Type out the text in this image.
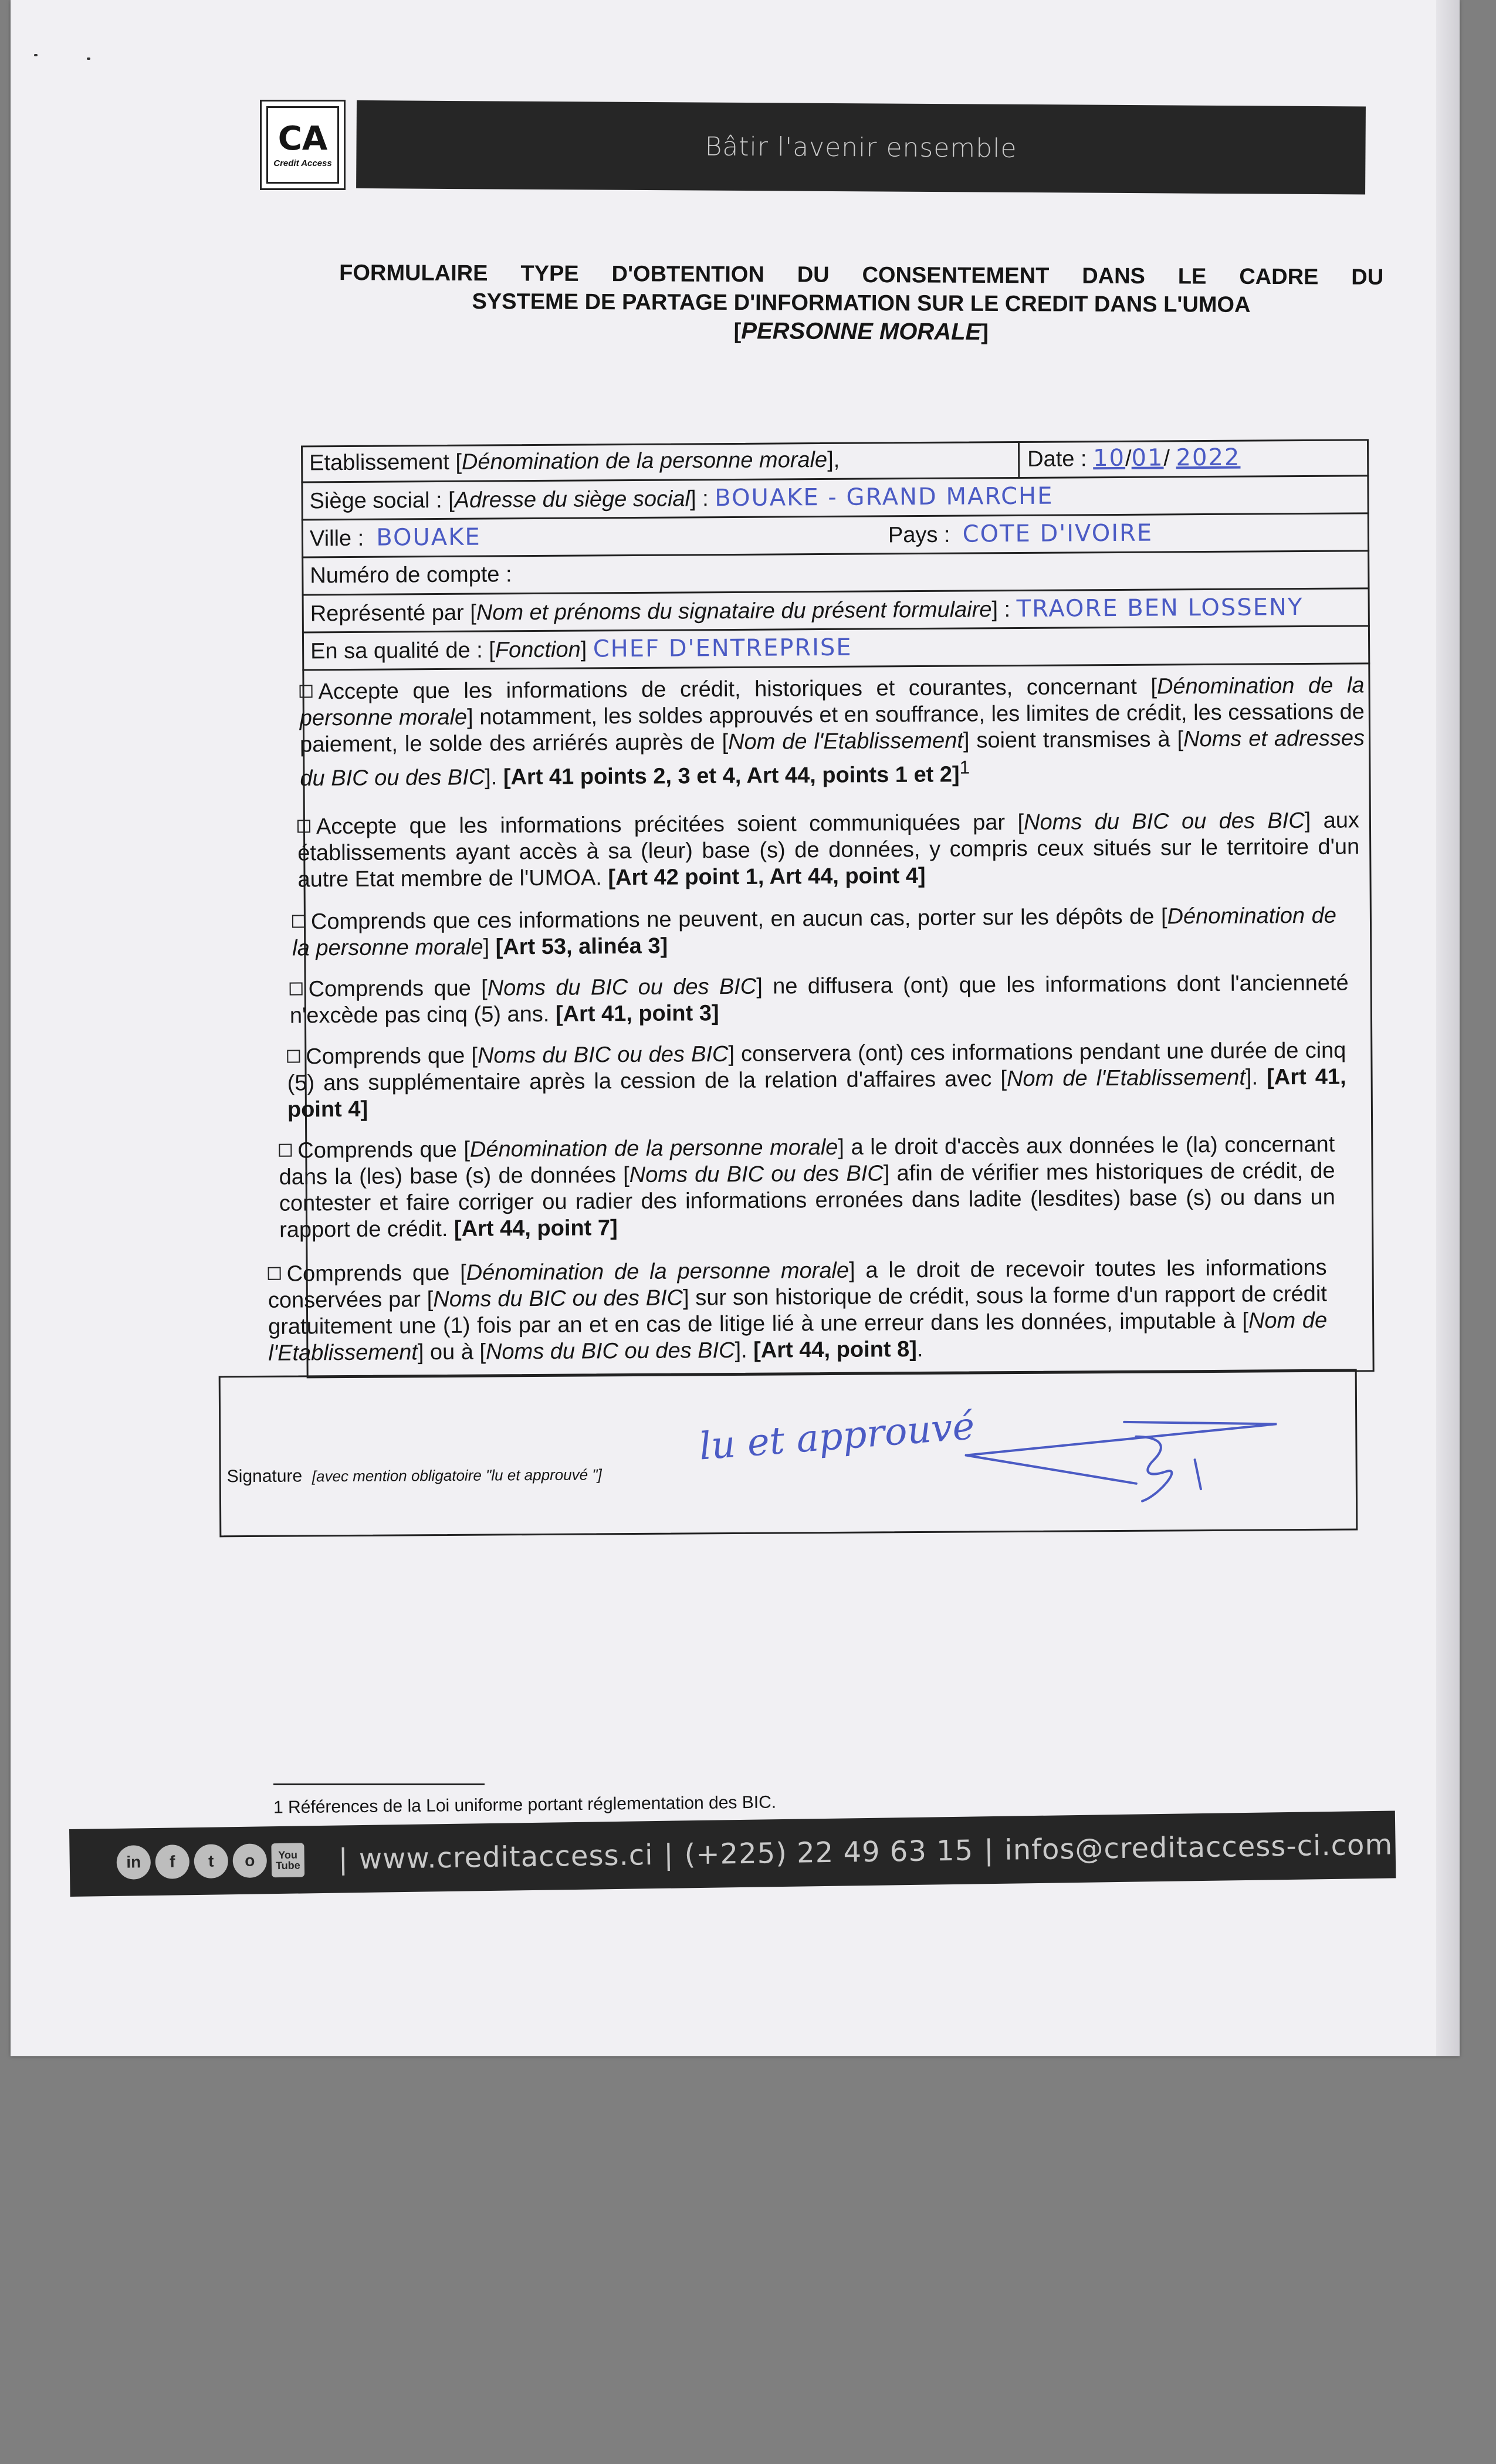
CA
Credit Access	Bâtir l'avenir ensemble
FORMULAIRE TYPE D'OBTENTION DU CONSENTEMENT DANS LE CADRE DU
SYSTEME DE PARTAGE D'INFORMATION SUR LE CREDIT DANS L'UMOA
[PERSONNE MORALE]
Etablissement [Dénomination de la personne morale],	Date : 10/01/ 2022
Siège social : [Adresse du siège social] : BOUAKE - GRAND MARCHE
Ville : BOUAKE	Pays : COTE D'IVOIRE
Numéro de compte :
Représenté par [Nom et prénoms du signataire du présent formulaire] : TRAORE BEN LOSSENY
En sa qualité de : [Fonction] CHEF D'ENTREPRISE
Accepte que les informations de crédit, historiques et courantes, concernant [Dénomination de la personne morale] notamment, les soldes approuvés et en souffrance, les limites de crédit, les cessations de paiement, le solde des arriérés auprès de [Nom de l'Etablissement] soient transmises à [Noms et adresses du BIC ou des BIC]. [Art 41 points 2, 3 et 4, Art 44, points 1 et 2]$^1$
Accepte que les informations précitées soient communiquées par [Noms du BIC ou des BIC] aux établissements ayant accès à sa (leur) base (s) de données, y compris ceux situés sur le territoire d'un autre Etat membre de l'UMOA. [Art 42 point 1, Art 44, point 4]
Comprends que ces informations ne peuvent, en aucun cas, porter sur les dépôts de [Dénomination de la personne morale] [Art 53, alinéa 3]
Comprends que [Noms du BIC ou des BIC] ne diffusera (ont) que les informations dont l'ancienneté n'excède pas cinq (5) ans. [Art 41, point 3]
Comprends que [Noms du BIC ou des BIC] conservera (ont) ces informations pendant une durée de cinq (5) ans supplémentaire après la cession de la relation d'affaires avec [Nom de l'Etablissement]. [Art 41, point 4]
Comprends que [Dénomination de la personne morale] a le droit d'accès aux données le (la) concernant dans la (les) base (s) de données [Noms du BIC ou des BIC] afin de vérifier mes historiques de crédit, de contester et faire corriger ou radier des informations erronées dans ladite (lesdites) base (s) ou dans un rapport de crédit. [Art 44, point 7]
Comprends que [Dénomination de la personne morale] a le droit de recevoir toutes les informations conservées par [Noms du BIC ou des BIC] sur son historique de crédit, sous la forme d'un rapport de crédit gratuitement une (1) fois par an et en cas de litige lié à une erreur dans les données, imputable à [Nom de l'Etablissement] ou à [Noms du BIC ou des BIC]. [Art 44, point 8].
Signature [avec mention obligatoire "lu et approuvé "]
lu et approuvé
1 Références de la Loi uniforme portant réglementation des BIC.
in	f	t	o	You Tube	| www.creditaccess.ci | (+225) 22 49 63 15 | infos@creditaccess-ci.com
